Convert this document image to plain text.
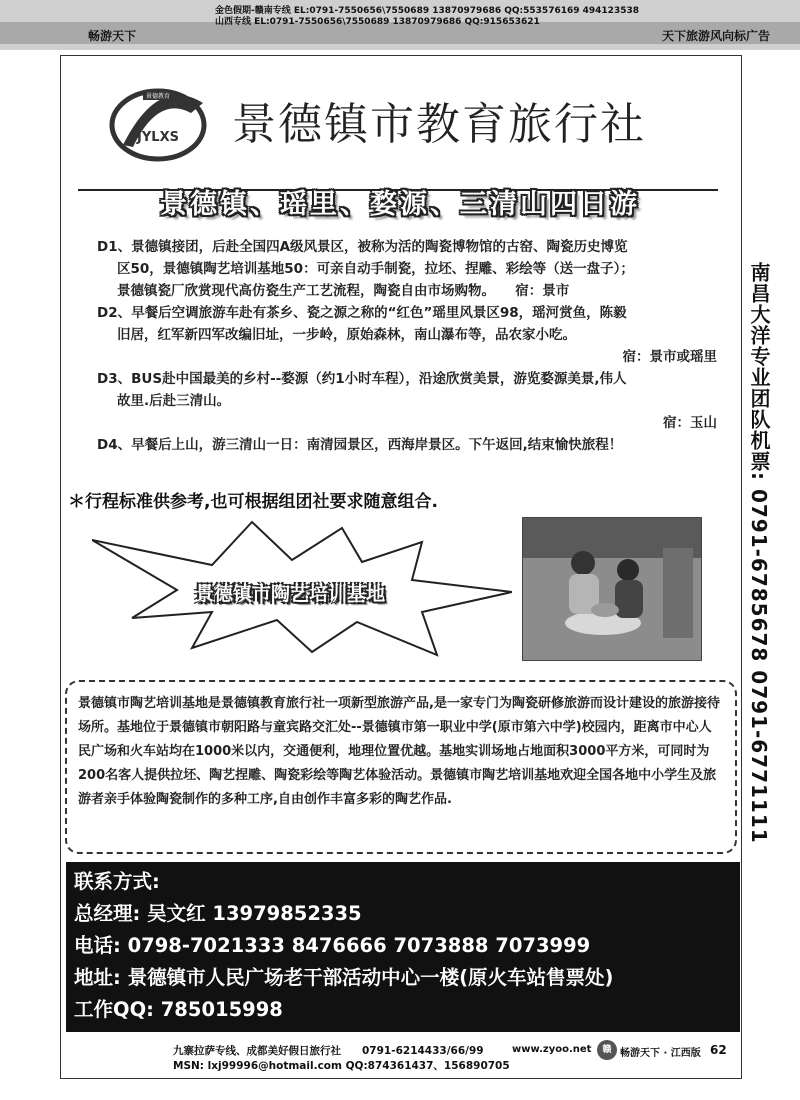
金色假期-赣南专线 EL:0791-7550656\7550689 13870979686 QQ:553576169 494123538
山西专线 EL:0791-7550656\7550689 13870979686 QQ:915653621
畅游天下	天下旅游风向标广告
景德教育
JYLXS 景德镇市教育旅行社
景德镇、瑶里、婺源、三清山四日游

D1、景德镇接团，后赴全国四A级风景区，被称为活的陶瓷博物馆的古窑、陶瓷历史博览

区50，景德镇陶艺培训基地50：可亲自动手制瓷，拉坯、捏雕、彩绘等（送一盘子）；

景德镇瓷厂欣赏现代高仿瓷生产工艺流程，陶瓷自由市场购物。　　宿：景市

D2、早餐后空调旅游车赴有茶乡、瓷之源之称的“红色”瑶里风景区98，瑶河赏鱼，陈毅

旧居，红军新四军改编旧址，一步岭，原始森林，南山瀑布等，品农家小吃。

宿：景市或瑶里

D3、BUS赴中国最美的乡村--婺源（约1小时车程），沿途欣赏美景，游览婺源美景,伟人

故里.后赴三清山。

宿：玉山

D4、早餐后上山，游三清山一日：南清园景区，西海岸景区。下午返回,结束愉快旅程！

＊行程标准供参考,也可根据组团社要求随意组合.
景德镇市陶艺培训基地
景德镇市陶艺培训基地是景德镇教育旅行社一项新型旅游产品,是一家专门为陶瓷研修旅游而设计建设的旅游接待场所。基地位于景德镇市朝阳路与童宾路交汇处--景德镇市第一职业中学(原市第六中学)校园内，距离市中心人民广场和火车站均在1000米以内，交通便利，地理位置优越。基地实训场地占地面积3000平方米，可同时为200名客人提供拉坯、陶艺捏雕、陶瓷彩绘等陶艺体验活动。景德镇市陶艺培训基地欢迎全国各地中小学生及旅游者亲手体验陶瓷制作的多种工序,自由创作丰富多彩的陶艺作品.
联系方式:
总经理: 吴文红 13979852335
电话: 0798-7021333 8476666 7073888 7073999
地址: 景德镇市人民广场老干部活动中心一楼(原火车站售票处)
工作QQ: 785015998
南昌大洋专业团队机票: 0791-6785678 0791-6771111
九寨拉萨专线、成都美好假日旅行社　　0791-6214433/66/99
MSN: lxj99996@hotmail.com QQ:874361437、156890705
www.zyoo.net	赣 畅游天下 · 江西版 62
